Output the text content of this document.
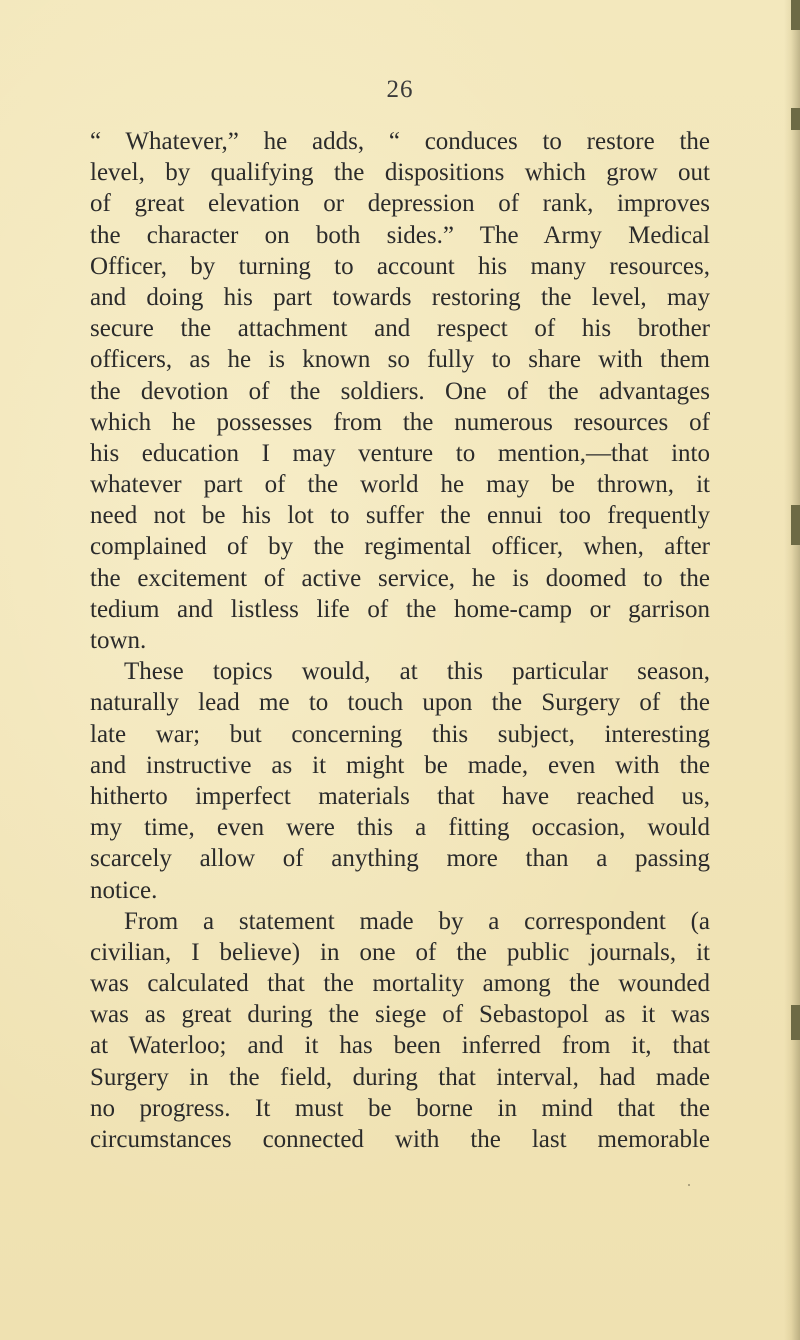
26
“ Whatever,” he adds, “ conduces to restore the
level, by qualifying the dispositions which grow out
of great elevation or depression of rank, improves
the character on both sides.” The Army Medical
Officer, by turning to account his many resources,
and doing his part towards restoring the level, may
secure the attachment and respect of his brother
officers, as he is known so fully to share with them
the devotion of the soldiers. One of the advantages
which he possesses from the numerous resources of
his education I may venture to mention,—that into
whatever part of the world he may be thrown, it
need not be his lot to suffer the ennui too frequently
complained of by the regimental officer, when, after
the excitement of active service, he is doomed to the
tedium and listless life of the home-camp or garrison
town.
These topics would, at this particular season,
naturally lead me to touch upon the Surgery of the
late war; but concerning this subject, interesting
and instructive as it might be made, even with the
hitherto imperfect materials that have reached us,
my time, even were this a fitting occasion, would
scarcely allow of anything more than a passing
notice.
From a statement made by a correspondent (a
civilian, I believe) in one of the public journals, it
was calculated that the mortality among the wounded
was as great during the siege of Sebastopol as it was
at Waterloo; and it has been inferred from it, that
Surgery in the field, during that interval, had made
no progress. It must be borne in mind that the
circumstances connected with the last memorable
